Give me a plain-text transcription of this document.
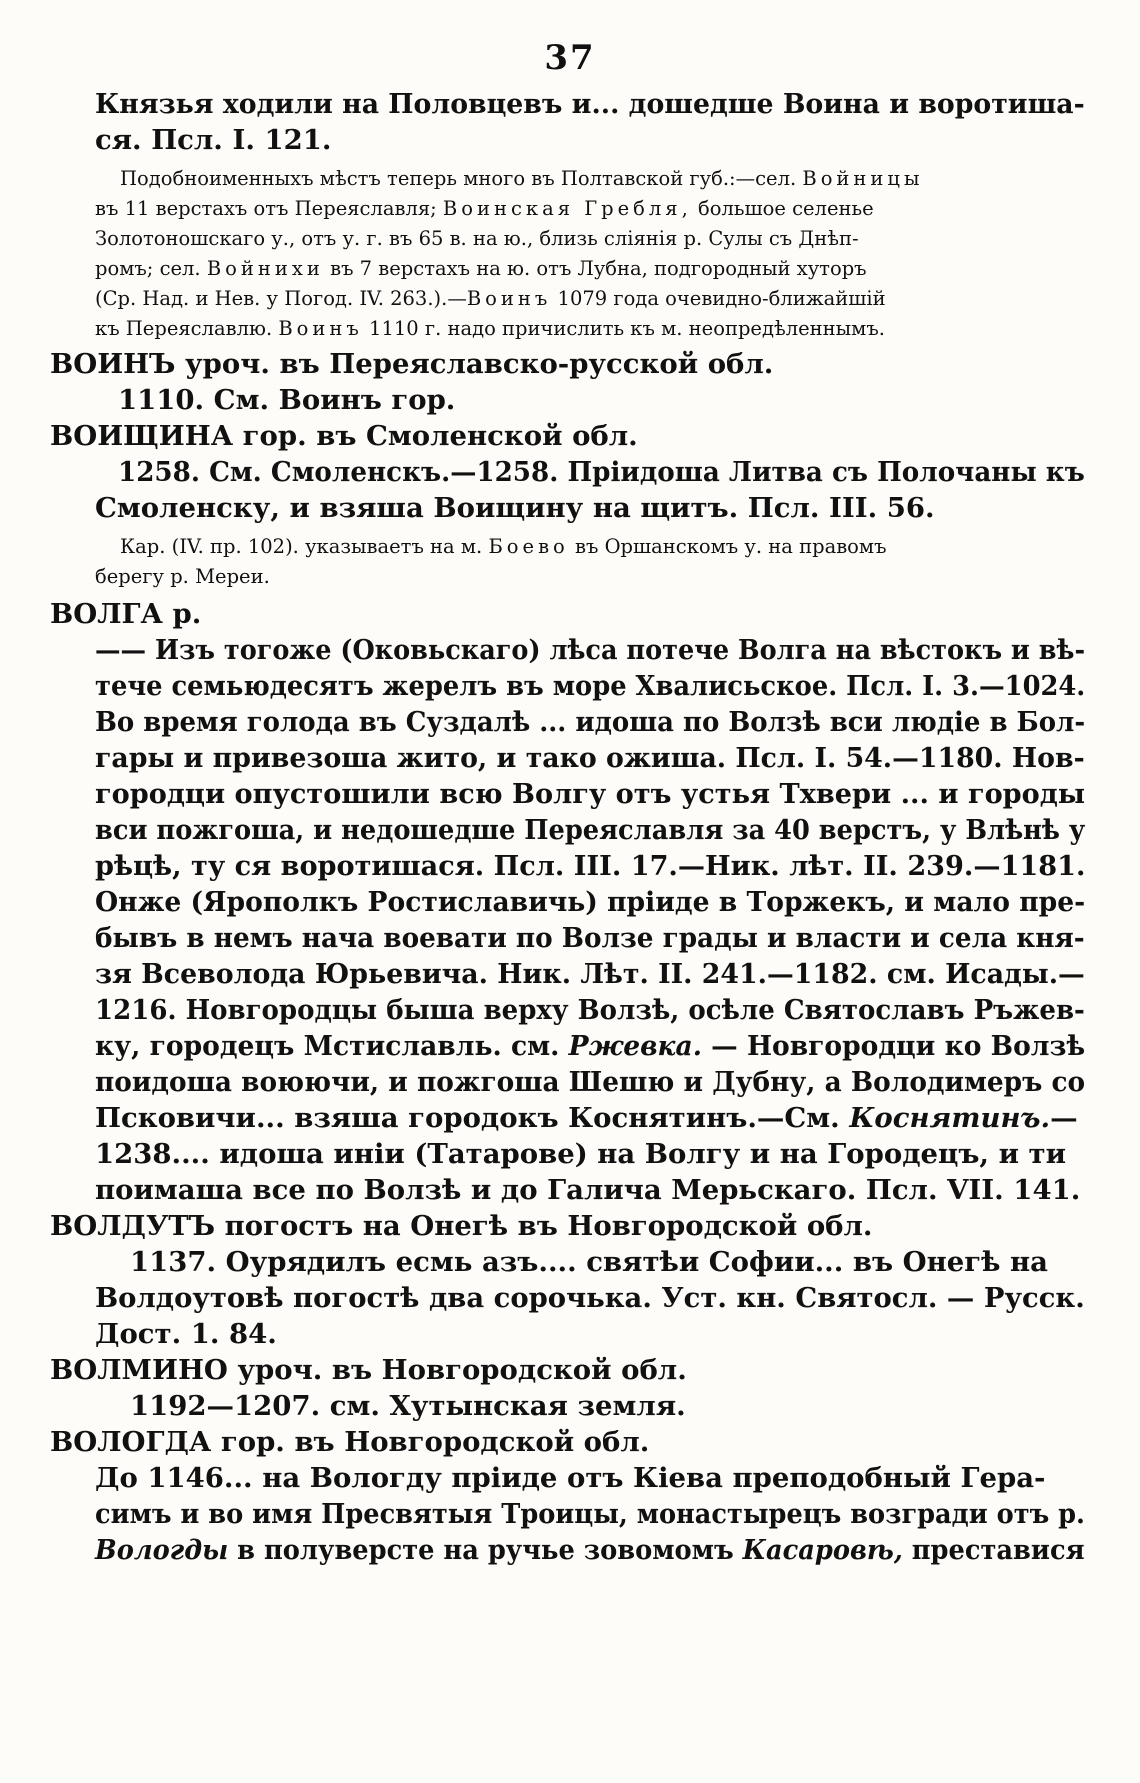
37
Князья ходили на Половцевъ и... дошедше Воина и воротиша-
ся. Псл. I. 121.
Подобноименныхъ мѣстъ теперь много въ Полтавской губ.:—сел. Войницы
въ 11 верстахъ отъ Переяславля; Воинская Гребля, большое селенье
Золотоношскаго у., отъ у. г. въ 65 в. на ю., близь слiянiя р. Сулы съ Днѣп-
ромъ; сел. Войнихи въ 7 верстахъ на ю. отъ Лубна, подгородный хуторъ
(Ср. Над. и Нев. у Погод. IV. 263.).—Воинъ 1079 года очевидно-ближайшiй
къ Переяславлю. Воинъ 1110 г. надо причислить къ м. неопредѣленнымъ.
ВОИНЪ уроч. въ Переяславско-русской обл.
1110. См. Воинъ гор.
ВОИЩИНА гор. въ Смоленской обл.
1258. См. Смоленскъ.—1258. Прiидоша Литва съ Полочаны къ
Смоленску, и взяша Воищину на щитъ. Псл. III. 56.
Кар. (IV. пр. 102). указываетъ на м. Боево въ Оршанскомъ у. на правомъ
берегу р. Мереи.
ВОЛГА р.
—— Изъ тогоже (Оковьскаго) лѣса потече Волга на вѣстокъ и вѣ-
тече семьюдесятъ жерелъ въ море Хвалисьское. Псл. I. 3.—1024.
Во время голода въ Суздалѣ ... идоша по Волзѣ вси людiе в Бол-
гары и привезоша жито, и тако ожиша. Псл. I. 54.—1180. Нов-
городци опустошили всю Волгу отъ устья Тхвери ... и городы
вси пожгоша, и недошедше Переяславля за 40 верстъ, у Влѣнѣ у
рѣцѣ, ту ся воротишася. Псл. III. 17.—Ник. лѣт. II. 239.—1181.
Онже (Ярополкъ Ростиславичь) прiиде в Торжекъ, и мало пре-
бывъ в немъ нача воевати по Волзе грады и власти и села кня-
зя Всеволода Юрьевича. Ник. Лѣт. II. 241.—1182. см. Исады.—
1216. Новгородцы быша верху Волзѣ, осѣле Святославъ Ръжев-
ку, городецъ Мстиславль. см. Ржевка. — Новгородци ко Волзѣ
поидоша воюючи, и пожгоша Шешю и Дубну, а Володимеръ со
Псковичи... взяша городокъ Коснятинъ.—См. Коснятинъ.—
1238.... идоша инiи (Татарове) на Волгу и на Городецъ, и ти
поимаша все по Волзѣ и до Галича Мерьскаго. Псл. VII. 141.
ВОЛДУТЪ погостъ на Онегѣ въ Новгородской обл.
1137. Оурядилъ есмь азъ.... святѣи Софии... въ Онегѣ на
Волдоутовѣ погостѣ два сорочька. Уст. кн. Святосл. — Русск.
Дост. 1. 84.
ВОЛМИНО уроч. въ Новгородской обл.
1192—1207. см. Хутынская земля.
ВОЛОГДА гор. въ Новгородской обл.
До 1146... на Вологду прiиде отъ Кiева преподобный Гера-
симъ и во имя Пресвятыя Троицы, монастырецъ возгради отъ р.
Вологды в полуверсте на ручье зовомомъ Касаровѣ, преставися
